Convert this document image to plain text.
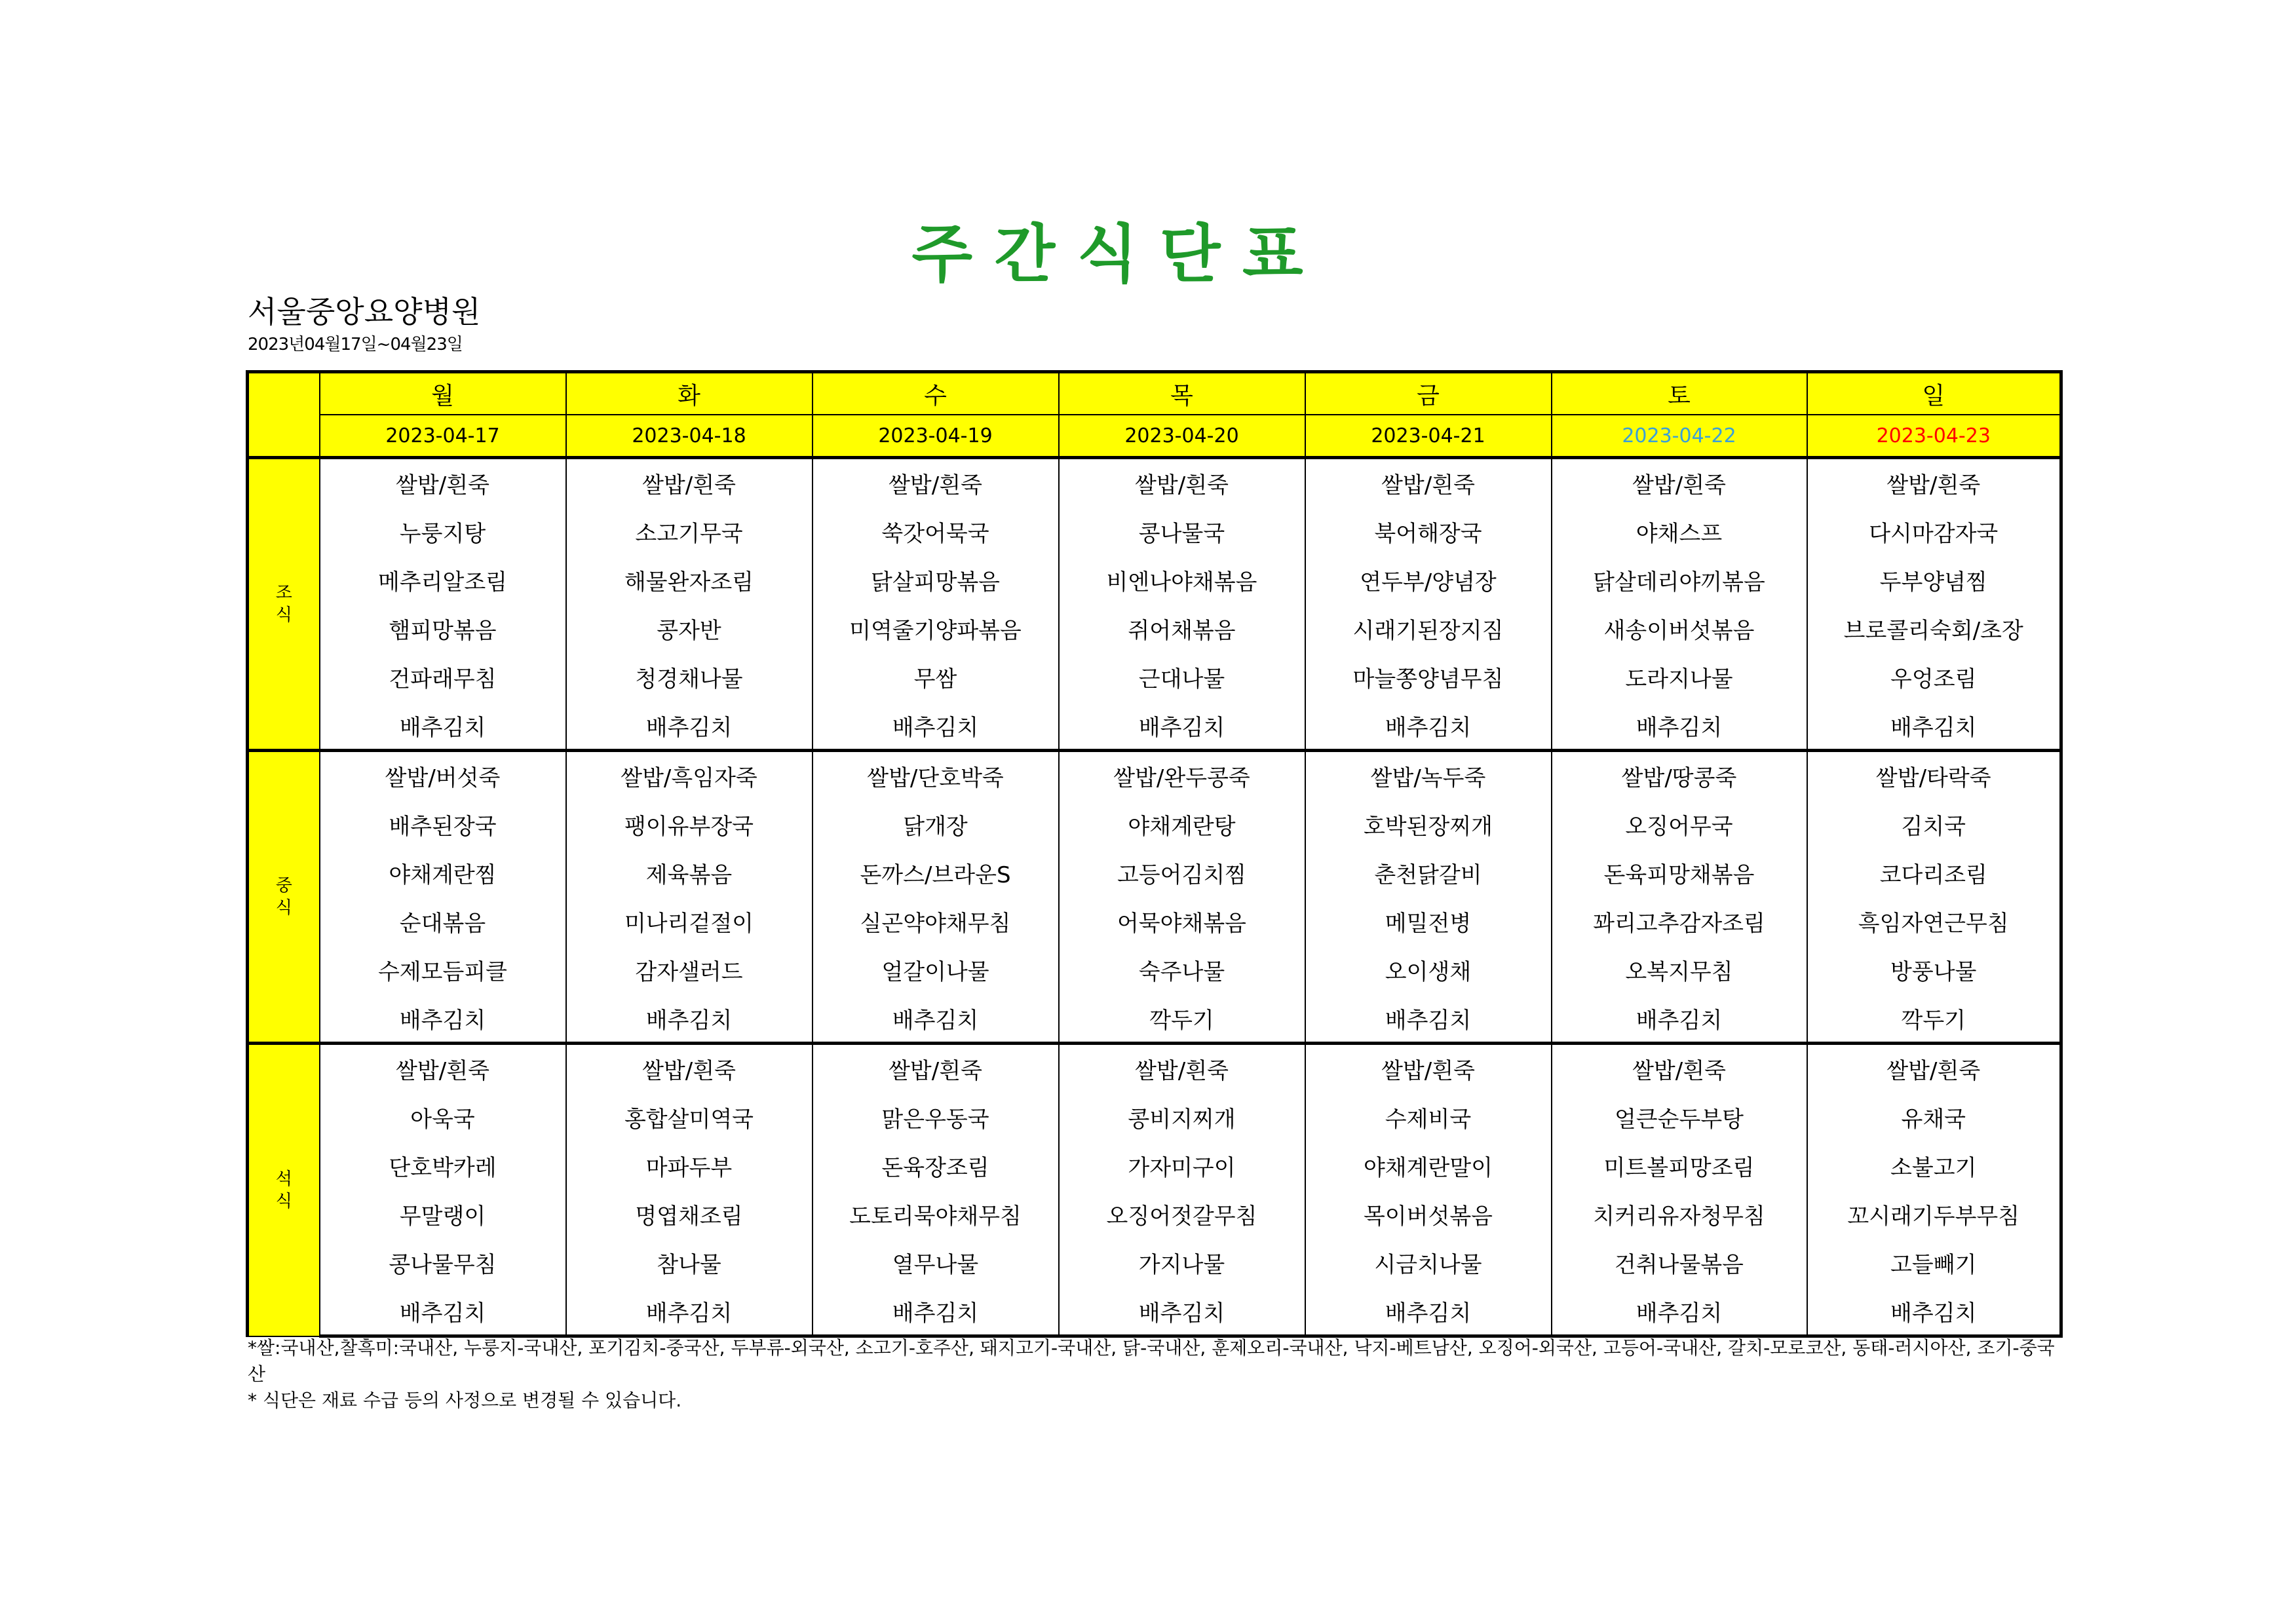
주 간 식 단 표
서울중앙요양병원
2023년04월17일~04월23일
	월	화	수	목	금	토	일
	2023-04-17	2023-04-18	2023-04-19	2023-04-20	2023-04-21	2023-04-22	2023-04-23

조
식	쌀밥/흰죽	쌀밥/흰죽	쌀밥/흰죽	쌀밥/흰죽	쌀밥/흰죽	쌀밥/흰죽	쌀밥/흰죽
	누룽지탕	소고기무국	쑥갓어묵국	콩나물국	북어해장국	야채스프	다시마감자국
	메추리알조림	해물완자조림	닭살피망볶음	비엔나야채볶음	연두부/양념장	닭살데리야끼볶음	두부양념찜
	햄피망볶음	콩자반	미역줄기양파볶음	쥐어채볶음	시래기된장지짐	새송이버섯볶음	브로콜리숙회/초장
	건파래무침	청경채나물	무쌈	근대나물	마늘쫑양념무침	도라지나물	우엉조림
	배추김치	배추김치	배추김치	배추김치	배추김치	배추김치	배추김치

중
식	쌀밥/버섯죽	쌀밥/흑임자죽	쌀밥/단호박죽	쌀밥/완두콩죽	쌀밥/녹두죽	쌀밥/땅콩죽	쌀밥/타락죽
	배추된장국	팽이유부장국	닭개장	야채계란탕	호박된장찌개	오징어무국	김치국
	야채계란찜	제육볶음	돈까스/브라운S	고등어김치찜	춘천닭갈비	돈육피망채볶음	코다리조림
	순대볶음	미나리겉절이	실곤약야채무침	어묵야채볶음	메밀전병	꽈리고추감자조림	흑임자연근무침
	수제모듬피클	감자샐러드	얼갈이나물	숙주나물	오이생채	오복지무침	방풍나물
	배추김치	배추김치	배추김치	깍두기	배추김치	배추김치	깍두기

석
식	쌀밥/흰죽	쌀밥/흰죽	쌀밥/흰죽	쌀밥/흰죽	쌀밥/흰죽	쌀밥/흰죽	쌀밥/흰죽
	아욱국	홍합살미역국	맑은우동국	콩비지찌개	수제비국	얼큰순두부탕	유채국
	단호박카레	마파두부	돈육장조림	가자미구이	야채계란말이	미트볼피망조림	소불고기
	무말랭이	명엽채조림	도토리묵야채무침	오징어젓갈무침	목이버섯볶음	치커리유자청무침	꼬시래기두부무침
	콩나물무침	참나물	열무나물	가지나물	시금치나물	건취나물볶음	고들빼기
	배추김치	배추김치	배추김치	배추김치	배추김치	배추김치	배추김치
*쌀:국내산,찰흑미:국내산, 누룽지-국내산, 포기김치-중국산, 두부류-외국산, 소고기-호주산, 돼지고기-국내산, 닭-국내산, 훈제오리-국내산, 낙지-베트남산, 오징어-외국산, 고등어-국내산, 갈치-모로코산, 동태-러시아산, 조기-중국산
* 식단은 재료 수급 등의 사정으로 변경될 수 있습니다.
